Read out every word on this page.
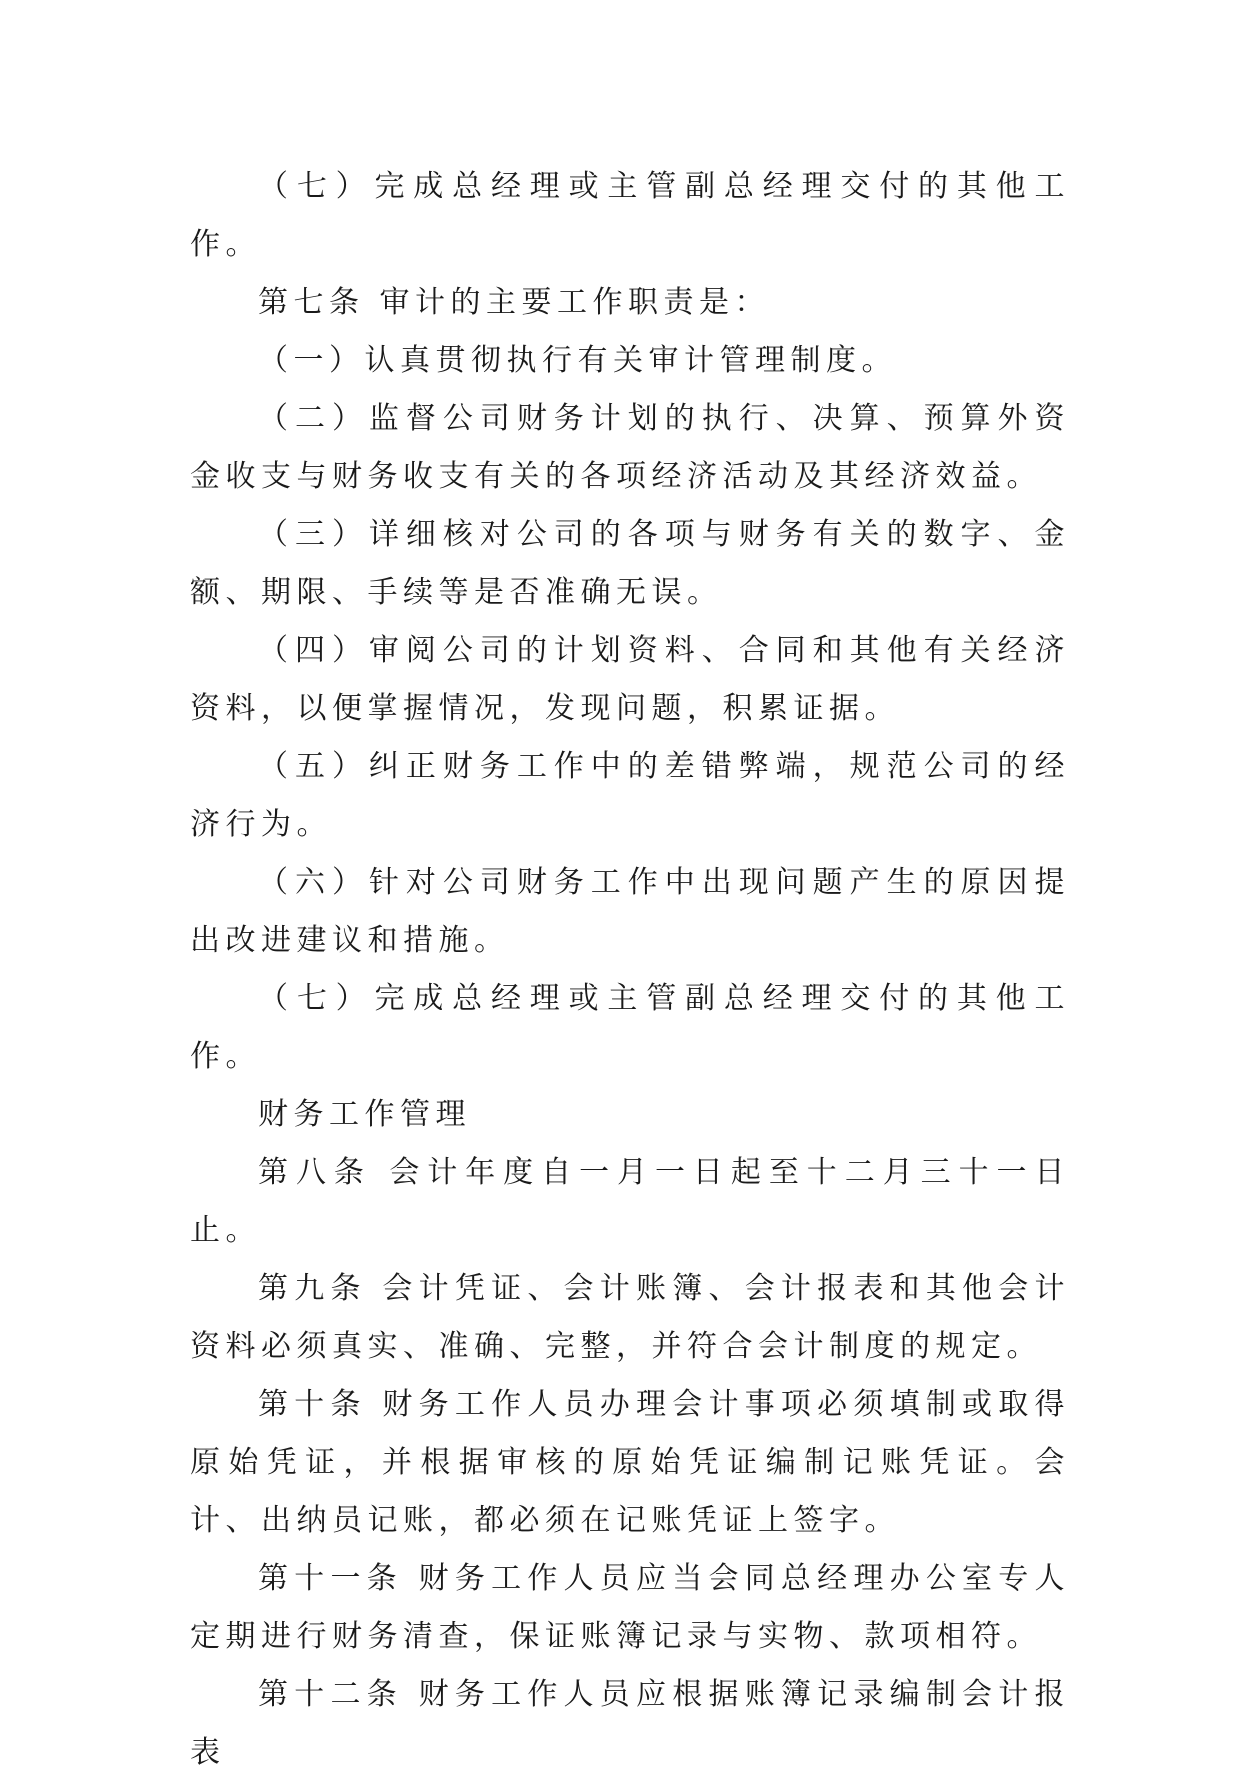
（七）完成总经理或主管副总经理交付的其他工作。

第七条 审计的主要工作职责是：

（一）认真贯彻执行有关审计管理制度。

（二）监督公司财务计划的执行、决算、预算外资金收支与财务收支有关的各项经济活动及其经济效益。

（三）详细核对公司的各项与财务有关的数字、金额、期限、手续等是否准确无误。

（四）审阅公司的计划资料、合同和其他有关经济资料，以便掌握情况，发现问题，积累证据。

（五）纠正财务工作中的差错弊端，规范公司的经济行为。

（六）针对公司财务工作中出现问题产生的原因提出改进建议和措施。

（七）完成总经理或主管副总经理交付的其他工作。

财务工作管理

第八条 会计年度自一月一日起至十二月三十一日止。

第九条 会计凭证、会计账簿、会计报表和其他会计资料必须真实、准确、完整，并符合会计制度的规定。

第十条 财务工作人员办理会计事项必须填制或取得原始凭证，并根据审核的原始凭证编制记账凭证。会计、出纳员记账，都必须在记账凭证上签字。

第十一条 财务工作人员应当会同总经理办公室专人定期进行财务清查，保证账簿记录与实物、款项相符。

第十二条 财务工作人员应根据账簿记录编制会计报表
